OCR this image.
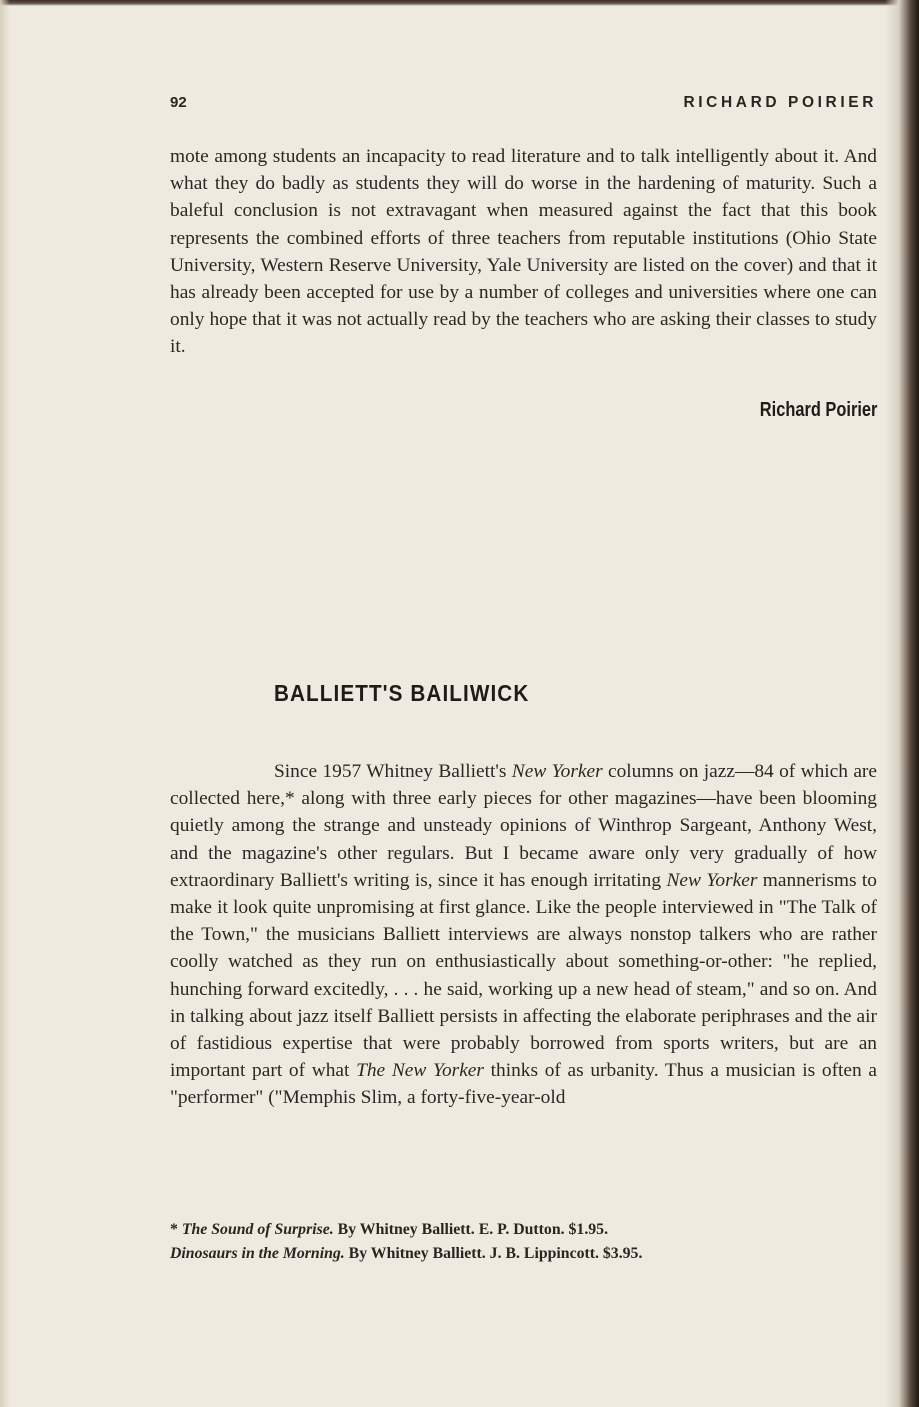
92	RICHARD POIRIER

mote among students an incapacity to read literature and to talk intelligently about it. And what they do badly as students they will do worse in the hardening of maturity. Such a baleful conclusion is not extravagant when measured against the fact that this book represents the combined efforts of three teachers from reputable institutions (Ohio State University, Western Reserve University, Yale University are listed on the cover) and that it has already been accepted for use by a number of colleges and universities where one can only hope that it was not actually read by the teachers who are asking their classes to study it.

Richard Poirier
BALLIETT'S BAILIWICK

Since 1957 Whitney Balliett's New Yorker columns on jazz—84 of which are collected here,* along with three early pieces for other magazines—have been blooming quietly among the strange and unsteady opinions of Winthrop Sargeant, Anthony West, and the magazine's other regulars. But I became aware only very gradually of how extraordinary Balliett's writing is, since it has enough irritating New Yorker mannerisms to make it look quite unpromising at first glance. Like the people interviewed in "The Talk of the Town," the musicians Balliett interviews are always nonstop talkers who are rather coolly watched as they run on enthusiastically about something-or-other: "he replied, hunching forward excitedly, . . . he said, working up a new head of steam," and so on. And in talking about jazz itself Balliett persists in affecting the elaborate periphrases and the air of fastidious expertise that were probably borrowed from sports writers, but are an important part of what The New Yorker thinks of as urbanity. Thus a musician is often a "performer" ("Memphis Slim, a forty-five-year-old

* The Sound of Surprise. By Whitney Balliett. E. P. Dutton. $1.95.
Dinosaurs in the Morning. By Whitney Balliett. J. B. Lippincott. $3.95.
